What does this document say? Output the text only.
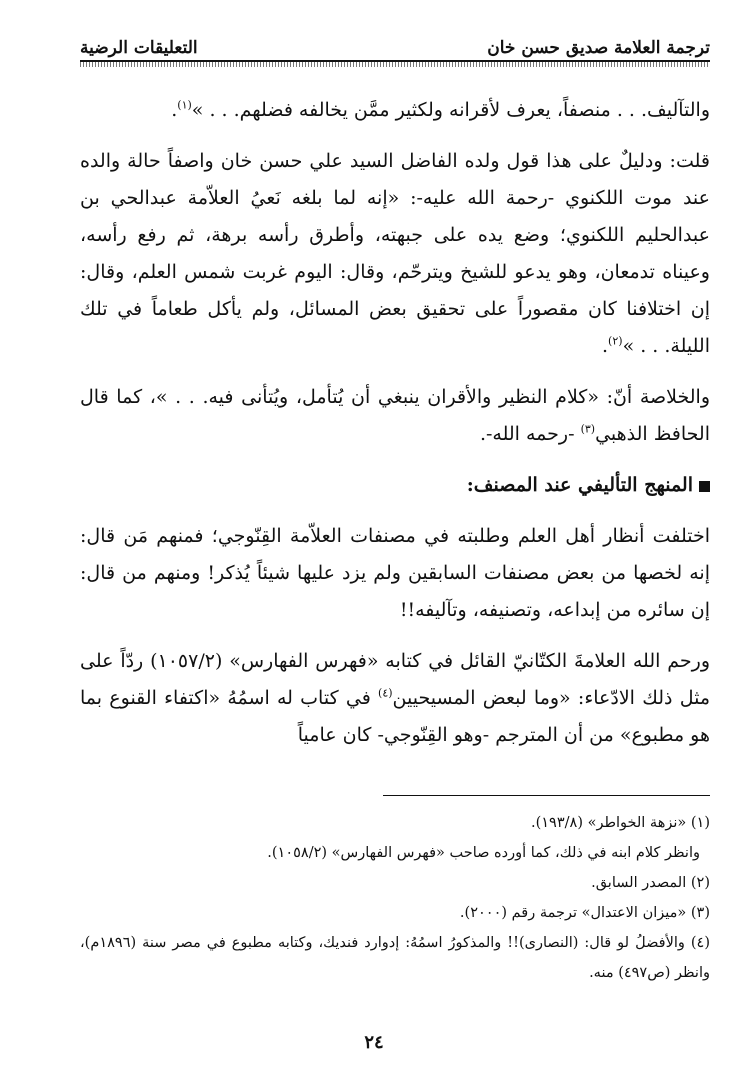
ترجمة العلامة صديق حسن خان
التعليقات الرضية

والتآليف. . . منصفاً، يعرف لأقرانه ولكثير ممَّن يخالفه فضلهم. . . »$^{(١)}$.

قلت: ودليلٌ على هذا قول ولده الفاضل السيد علي حسن خان واصفاً حالة والده عند موت اللكنوي -رحمة الله عليه-: «إنه لما بلغه نَعيُ العلاّمة عبدالحي بن عبدالحليم اللكنوي؛ وضع يده على جبهته، وأطرق رأسه برهة، ثم رفع رأسه، وعيناه تدمعان، وهو يدعو للشيخ ويترحّم، وقال: اليوم غربت شمس العلم، وقال: إن اختلافنا كان مقصوراً على تحقيق بعض المسائل، ولم يأكل طعاماً في تلك الليلة. . . »$^{(٢)}$.

والخلاصة أنّ: «كلام النظير والأقران ينبغي أن يُتأمل، ويُتأنى فيه. . . »، كما قال الحافظ الذهبي$^{(٣)}$ -رحمه الله-.

المنهج التأليفي عند المصنف:

اختلفت أنظار أهل العلم وطلبته في مصنفات العلاّمة القِنّوجي؛ فمنهم مَن قال: إنه لخصها من بعض مصنفات السابقين ولم يزد عليها شيئاً يُذكر! ومنهم من قال: إن سائره من إبداعه، وتصنيفه، وتآليفه!!

ورحم الله العلامةَ الكتّانيّ القائل في كتابه «فهرس الفهارس» (١٠٥٧/٢) ردّاً على مثل ذلك الادّعاء: «وما لبعض المسيحيين$^{(٤)}$ في كتاب له اسمُهُ «اكتفاء القنوع بما هو مطبوع» من أن المترجم -وهو القِنّوجي- كان عامياً

(١) «نزهة الخواطر» (١٩٣/٨).

وانظر كلام ابنه في ذلك، كما أورده صاحب «فهرس الفهارس» (١٠٥٨/٢).

(٢) المصدر السابق.

(٣) «ميزان الاعتدال» ترجمة رقم (٢٠٠٠).

(٤) والأفضلُ لو قال: (النصارى)!! والمذكورُ اسمُهُ: إدوارد فنديك، وكتابه مطبوع في مصر سنة (١٨٩٦م)، وانظر (ص٤٩٧) منه.

٢٤
